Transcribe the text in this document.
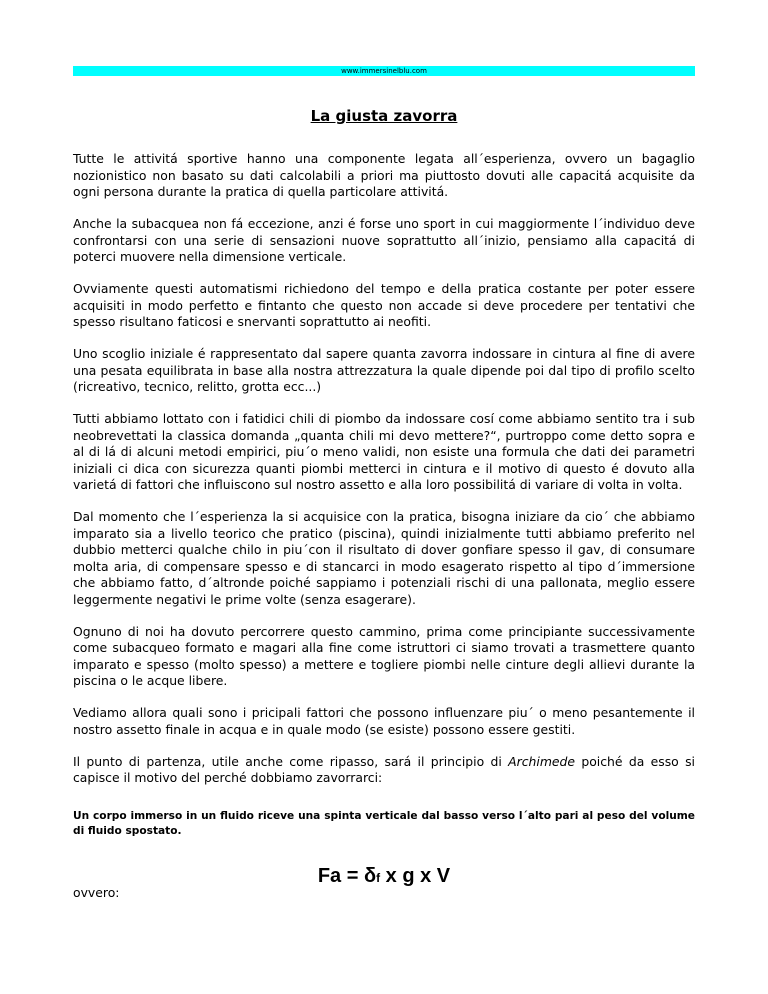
www.immersinelblu.com
La giusta zavorra

Tutte le attivitá sportive hanno una componente legata all´esperienza, ovvero un bagaglio nozionistico non basato su dati calcolabili a priori ma piuttosto dovuti alle capacitá acquisite da ogni persona durante la pratica di quella particolare attivitá.

Anche la subacquea non fá eccezione, anzi é forse uno sport in cui maggiormente l´individuo deve confrontarsi con una serie di sensazioni nuove soprattutto all´inizio, pensiamo alla capacitá di poterci muovere nella dimensione verticale.

Ovviamente questi automatismi richiedono del tempo e della pratica costante per poter essere acquisiti in modo perfetto e fintanto che questo non accade si deve procedere per tentativi che spesso risultano faticosi e snervanti soprattutto ai neofiti.

Uno scoglio iniziale é rappresentato dal sapere quanta zavorra indossare in cintura al fine di avere una pesata equilibrata in base alla nostra attrezzatura la quale dipende poi dal tipo di profilo scelto (ricreativo, tecnico, relitto, grotta ecc...)

Tutti abbiamo lottato con i fatidici chili di piombo da indossare cosí come abbiamo sentito tra i sub neobrevettati la classica domanda „quanta chili mi devo mettere?“, purtroppo come detto sopra e al di lá di alcuni metodi empirici, piu´o meno validi, non esiste una formula che dati dei parametri iniziali ci dica con sicurezza quanti piombi metterci in cintura e il motivo di questo é dovuto alla varietá di fattori che influiscono sul nostro assetto e alla loro possibilitá di variare di volta in volta.

Dal momento che l´esperienza la si acquisice con la pratica, bisogna iniziare da cio´ che abbiamo imparato sia a livello teorico che pratico (piscina), quindi inizialmente tutti abbiamo preferito nel dubbio metterci qualche chilo in piu´con il risultato di dover gonfiare spesso il gav, di consumare molta aria, di compensare spesso e di stancarci in modo esagerato rispetto al tipo d´immersione che abbiamo fatto, d´altronde poiché sappiamo i potenziali rischi di una pallonata, meglio essere leggermente negativi le prime volte (senza esagerare).

Ognuno di noi ha dovuto percorrere questo cammino, prima come principiante successivamente come subacqueo formato e magari alla fine come istruttori ci siamo trovati a trasmettere quanto imparato e spesso (molto spesso) a mettere e togliere piombi nelle cinture degli allievi durante la piscina o le acque libere.

Vediamo allora quali sono i pricipali fattori che possono influenzare piu´ o meno pesantemente il nostro assetto finale in acqua e in quale modo (se esiste) possono essere gestiti.

Il punto di partenza, utile anche come ripasso, sará il principio di Archimede poiché da esso si capisce il motivo del perché dobbiamo zavorrarci:

Un corpo immerso in un fluido riceve una spinta verticale dal basso verso l´alto pari al peso del volume di fluido spostato.

ovvero:

Fa = δf x g x V
